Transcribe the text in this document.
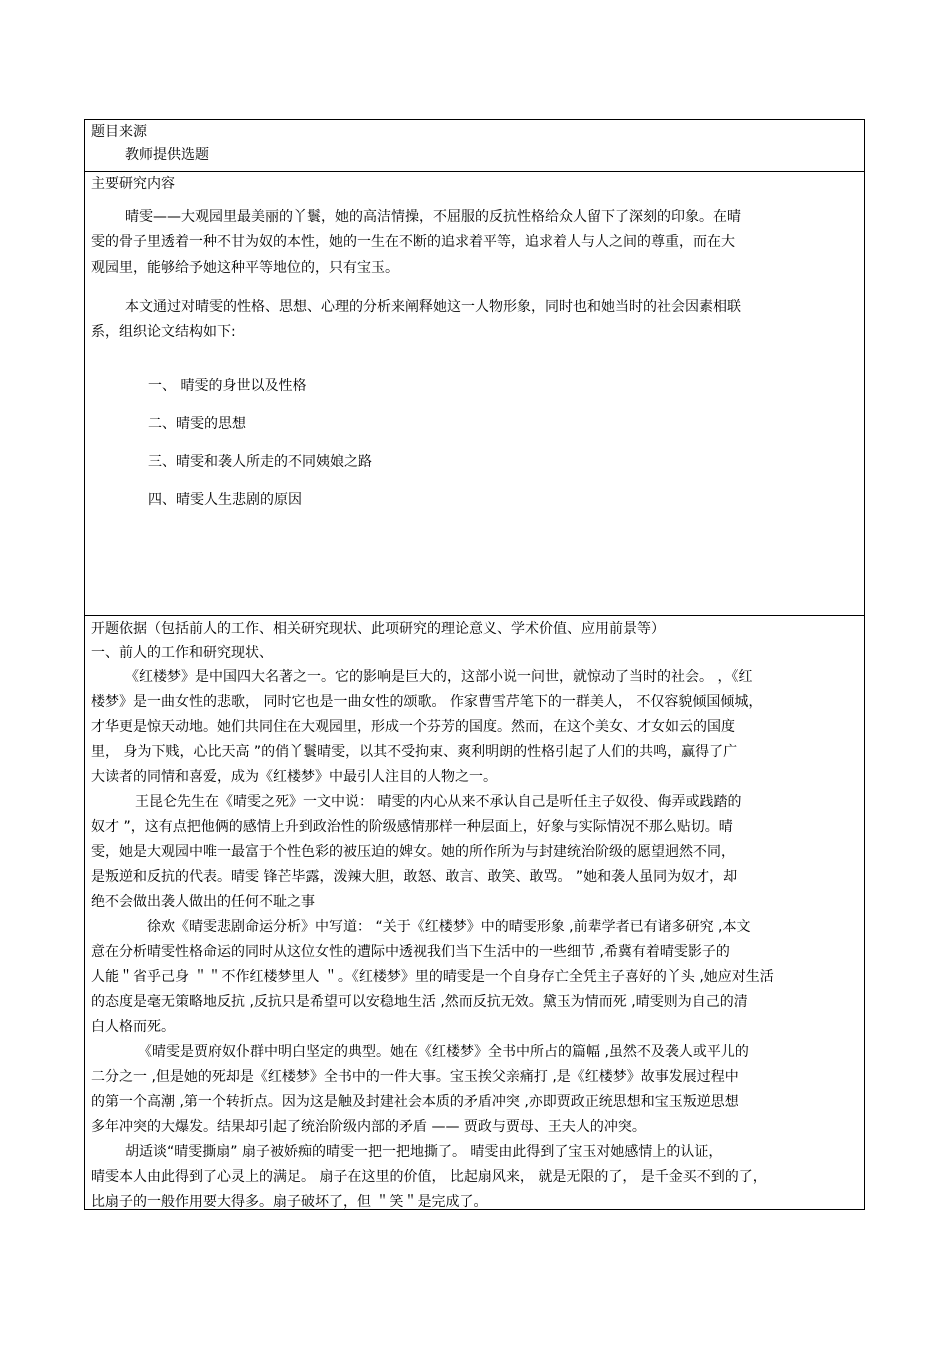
题目来源
教师提供选题
主要研究内容
晴雯——大观园里最美丽的丫鬟，她的高洁情操，不屈服的反抗性格给众人留下了深刻的印象。在晴
雯的骨子里透着一种不甘为奴的本性，她的一生在不断的追求着平等，追求着人与人之间的尊重，而在大
观园里，能够给予她这种平等地位的，只有宝玉。
本文通过对晴雯的性格、思想、心理的分析来阐释她这一人物形象，同时也和她当时的社会因素相联
系，组织论文结构如下:
一、 晴雯的身世以及性格
二、晴雯的思想
三、晴雯和袭人所走的不同姨娘之路
四、晴雯人生悲剧的原因
开题依据（包括前人的工作、相关研究现状、此项研究的理论意义、学术价值、应用前景等）
一、前人的工作和研究现状、
《红楼梦》是中国四大名著之一。它的影响是巨大的，这部小说一问世，就惊动了当时的社会。 ，《红
楼梦》是一曲女性的悲歌， 同时它也是一曲女性的颂歌。 作家曹雪芹笔下的一群美人， 不仅容貌倾国倾城，
才华更是惊天动地。她们共同住在大观园里，形成一个芬芳的国度。然而，在这个美女、才女如云的国度
里， 身为下贱，心比天高 ”的俏丫鬟晴雯，以其不受拘束、爽利明朗的性格引起了人们的共鸣，赢得了广
大读者的同情和喜爱，成为《红楼梦》中最引人注目的人物之一。
王昆仑先生在《晴雯之死》一文中说： 晴雯的内心从来不承认自己是听任主子奴役、侮弄或践踏的
奴才 ”，这有点把他俩的感情上升到政治性的阶级感情那样一种层面上，好象与实际情况不那么贴切。晴
雯，她是大观园中唯一最富于个性色彩的被压迫的婢女。她的所作所为与封建统治阶级的愿望迥然不同，
是叛逆和反抗的代表。晴雯 锋芒毕露，泼辣大胆，敢怒、敢言、敢笑、敢骂。 ”她和袭人虽同为奴才，却
绝不会做出袭人做出的任何不耻之事
徐欢《晴雯悲剧命运分析》中写道： “关于《红楼梦》中的晴雯形象 ,前辈学者已有诸多研究 ,本文
意在分析晴雯性格命运的同时从这位女性的遭际中透视我们当下生活中的一些细节 ,希冀有着晴雯影子的
人能＂省乎己身 ＂＂不作红楼梦里人 ＂。《红楼梦》里的晴雯是一个自身存亡全凭主子喜好的丫头 ,她应对生活
的态度是毫无策略地反抗 ,反抗只是希望可以安稳地生活 ,然而反抗无效。黛玉为情而死 ,晴雯则为自己的清
白人格而死。
《晴雯是贾府奴仆群中明白坚定的典型。她在《红楼梦》全书中所占的篇幅 ,虽然不及袭人或平儿的
二分之一 ,但是她的死却是《红楼梦》全书中的一件大事。宝玉挨父亲痛打 ,是《红楼梦》故事发展过程中
的第一个高潮 ,第一个转折点。因为这是触及封建社会本质的矛盾冲突 ,亦即贾政正统思想和宝玉叛逆思想
多年冲突的大爆发。结果却引起了统治阶级内部的矛盾 —— 贾政与贾母、王夫人的冲突。
胡适谈“晴雯撕扇” 扇子被娇痴的晴雯一把一把地撕了。 晴雯由此得到了宝玉对她感情上的认证，
晴雯本人由此得到了心灵上的满足。 扇子在这里的价值， 比起扇风来， 就是无限的了， 是千金买不到的了，
比扇子的一般作用要大得多。扇子破坏了，但 ＂笑＂是完成了。
